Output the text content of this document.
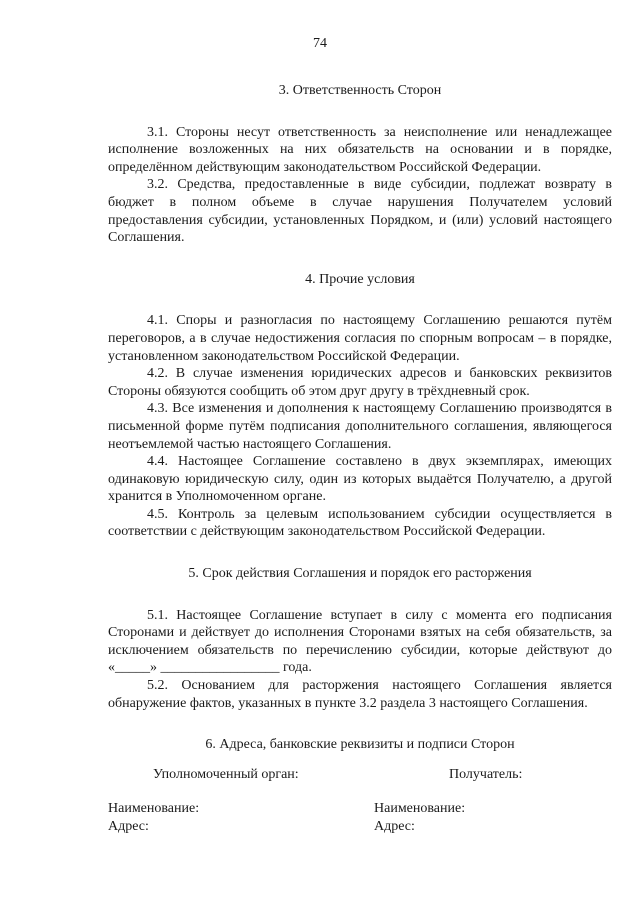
74
3. Ответственность Сторон

3.1. Стороны несут ответственность за неисполнение или ненадлежащее исполнение возложенных на них обязательств на основании и в порядке, определённом действующим законодательством Российской Федерации.

3.2. Средства, предоставленные в виде субсидии, подлежат возврату в бюджет в полном объеме в случае нарушения Получателем условий предоставления субсидии, установленных Порядком, и (или) условий настоящего Соглашения.

4. Прочие условия

4.1. Споры и разногласия по настоящему Соглашению решаются путём переговоров, а в случае недостижения согласия по спорным вопросам – в порядке, установленном законодательством Российской Федерации.

4.2. В случае изменения юридических адресов и банковских реквизитов Стороны обязуются сообщить об этом друг другу в трёхдневный срок.

4.3. Все изменения и дополнения к настоящему Соглашению производятся в письменной форме путём подписания дополнительного соглашения, являющегося неотъемлемой частью настоящего Соглашения.

4.4. Настоящее Соглашение составлено в двух экземплярах, имеющих одинаковую юридическую силу, один из которых выдаётся Получателю, а другой хранится в Уполномоченном органе.

4.5. Контроль за целевым использованием субсидии осуществляется в соответствии с действующим законодательством Российской Федерации.

5. Срок действия Соглашения и порядок его расторжения

5.1. Настоящее Соглашение вступает в силу с момента его подписания Сторонами и действует до исполнения Сторонами взятых на себя обязательств, за исключением обязательств по перечислению субсидии, которые действуют до «_____» _________________ года.

5.2. Основанием для расторжения настоящего Соглашения является обнаружение фактов, указанных в пункте 3.2 раздела 3 настоящего Соглашения.

6. Адреса, банковские реквизиты и подписи Сторон
Уполномоченный орган:	Получатель:
Наименование:	Наименование:
Адрес:	Адрес:
